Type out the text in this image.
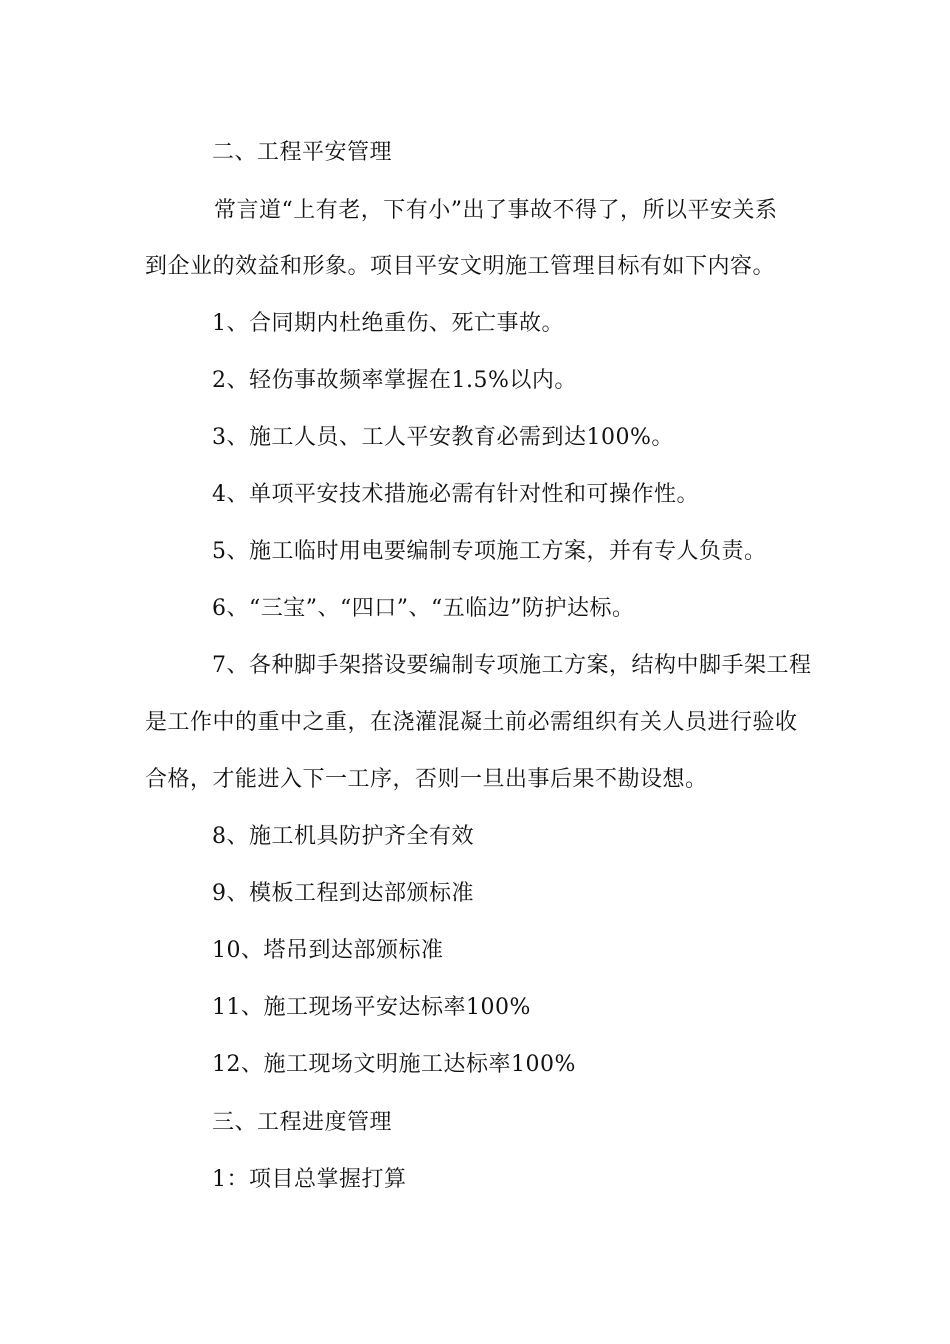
二、工程平安管理
常言道“上有老，下有小”出了事故不得了，所以平安关系
到企业的效益和形象。项目平安文明施工管理目标有如下内容。
1、合同期内杜绝重伤、死亡事故。
2、轻伤事故频率掌握在1.5%以内。
3、施工人员、工人平安教育必需到达100%。
4、单项平安技术措施必需有针对性和可操作性。
5、施工临时用电要编制专项施工方案，并有专人负责。
6、“三宝”、“四口”、“五临边”防护达标。
7、各种脚手架搭设要编制专项施工方案，结构中脚手架工程
是工作中的重中之重，在浇灌混凝土前必需组织有关人员进行验收
合格，才能进入下一工序，否则一旦出事后果不勘设想。
8、施工机具防护齐全有效
9、模板工程到达部颁标准
10、塔吊到达部颁标准
11、施工现场平安达标率100%
12、施工现场文明施工达标率100%
三、工程进度管理
1：项目总掌握打算
